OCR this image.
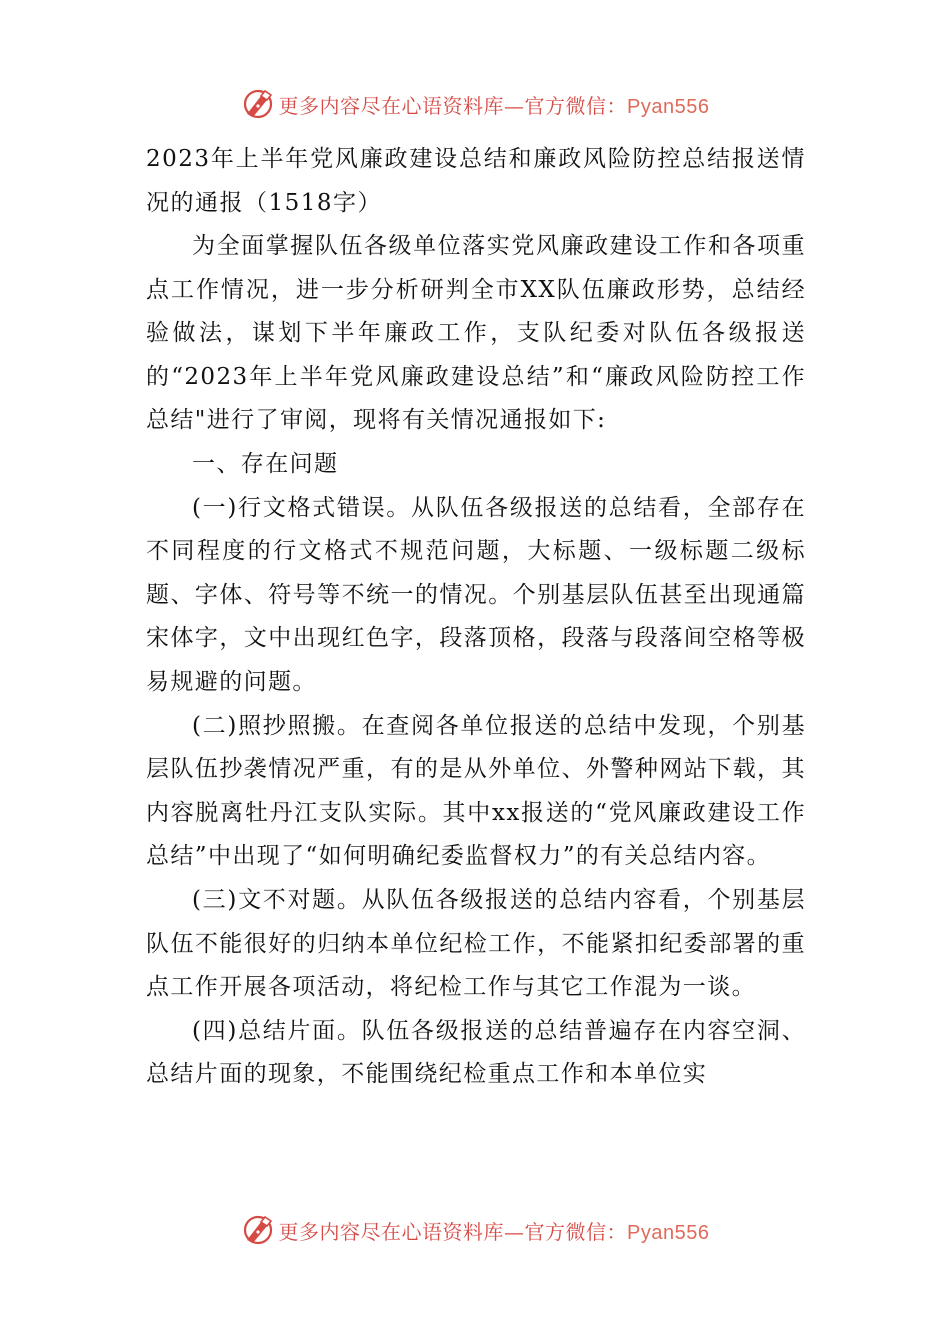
更多内容尽在心语资料库—官方微信：Pyan556

2023年上半年党风廉政建设总结和廉政风险防控总结报送情况的通报（1518字）

为全面掌握队伍各级单位落实党风廉政建设工作和各项重点工作情况，进一步分析研判全市XX队伍廉政形势，总结经验做法，谋划下半年廉政工作，支队纪委对队伍各级报送的“2023年上半年党风廉政建设总结”和“廉政风险防控工作总结"进行了审阅，现将有关情况通报如下:

一、存在问题

(一)行文格式错误。从队伍各级报送的总结看，全部存在不同程度的行文格式不规范问题，大标题、一级标题二级标题、字体、符号等不统一的情况。个别基层队伍甚至出现通篇宋体字，文中出现红色字，段落顶格，段落与段落间空格等极易规避的问题。

(二)照抄照搬。在查阅各单位报送的总结中发现，个别基层队伍抄袭情况严重，有的是从外单位、外警种网站下载，其内容脱离牡丹江支队实际。其中xx报送的“党风廉政建设工作总结”中出现了“如何明确纪委监督权力”的有关总结内容。

(三)文不对题。从队伍各级报送的总结内容看，个别基层队伍不能很好的归纳本单位纪检工作，不能紧扣纪委部署的重点工作开展各项活动，将纪检工作与其它工作混为一谈。

(四)总结片面。队伍各级报送的总结普遍存在内容空洞、总结片面的现象，不能围绕纪检重点工作和本单位实

更多内容尽在心语资料库—官方微信：Pyan556
